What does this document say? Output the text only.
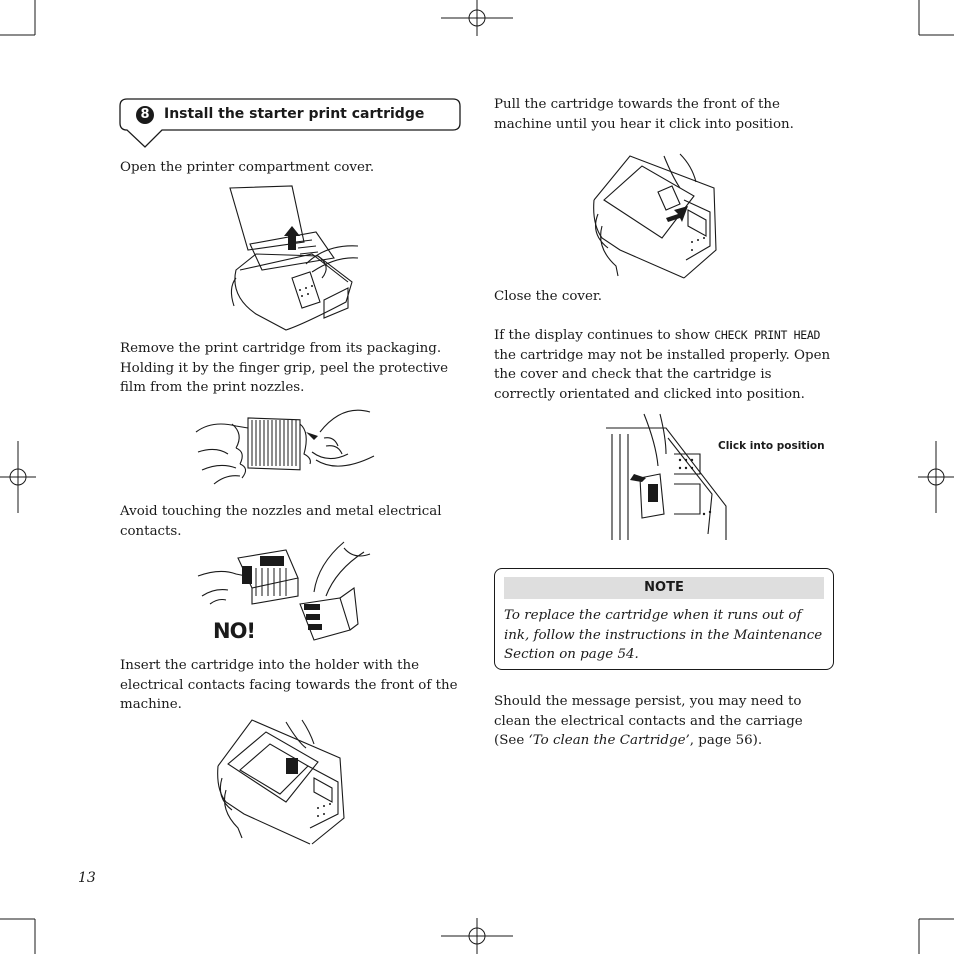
8	Install the starter print cartridge
Open the printer compartment cover.
Remove the print cartridge from its packaging. Holding it by the finger grip, peel the protective film from the print nozzles.
Avoid touching the nozzles and metal electrical contacts.
NO!
Insert the cartridge into the holder with the electrical contacts facing towards the front of the machine.
13
Pull the cartridge towards the front of the machine until you hear it click into position.
Close the cover.
If the display continues to show CHECK PRINT HEAD the cartridge may not be installed properly. Open the cover and check that the cartridge is correctly orientated and clicked into position.
Click into position
NOTE
To replace the cartridge when it runs out of ink, follow the instructions in the Maintenance Section on page 54.
Should the message persist, you may need to clean the electrical contacts and the carriage (See ‘To clean the Cartridge’, page 56).
